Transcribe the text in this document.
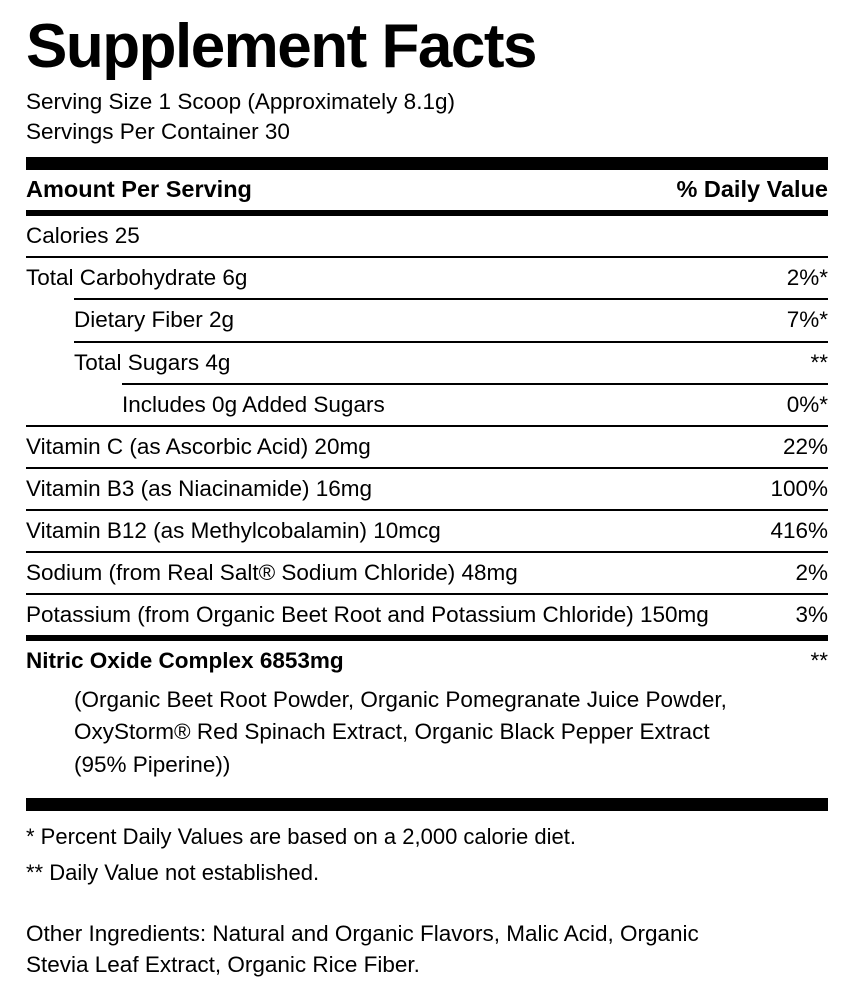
Supplement Facts
Serving Size 1 Scoop (Approximately 8.1g)
Servings Per Container 30
Amount Per Serving	% Daily Value
Calories 25
Total Carbohydrate 6g	2%*
Dietary Fiber 2g	7%*
Total Sugars 4g	**
Includes 0g Added Sugars	0%*
Vitamin C (as Ascorbic Acid) 20mg	22%
Vitamin B3 (as Niacinamide) 16mg	100%
Vitamin B12 (as Methylcobalamin) 10mcg	416%
Sodium (from Real Salt® Sodium Chloride) 48mg	2%
Potassium (from Organic Beet Root and Potassium Chloride) 150mg	3%
Nitric Oxide Complex 6853mg	**
(Organic Beet Root Powder, Organic Pomegranate Juice Powder,
OxyStorm® Red Spinach Extract, Organic Black Pepper Extract
(95% Piperine))
* Percent Daily Values are based on a 2,000 calorie diet.
** Daily Value not established.
Other Ingredients: Natural and Organic Flavors, Malic Acid, Organic
Stevia Leaf Extract, Organic Rice Fiber.
